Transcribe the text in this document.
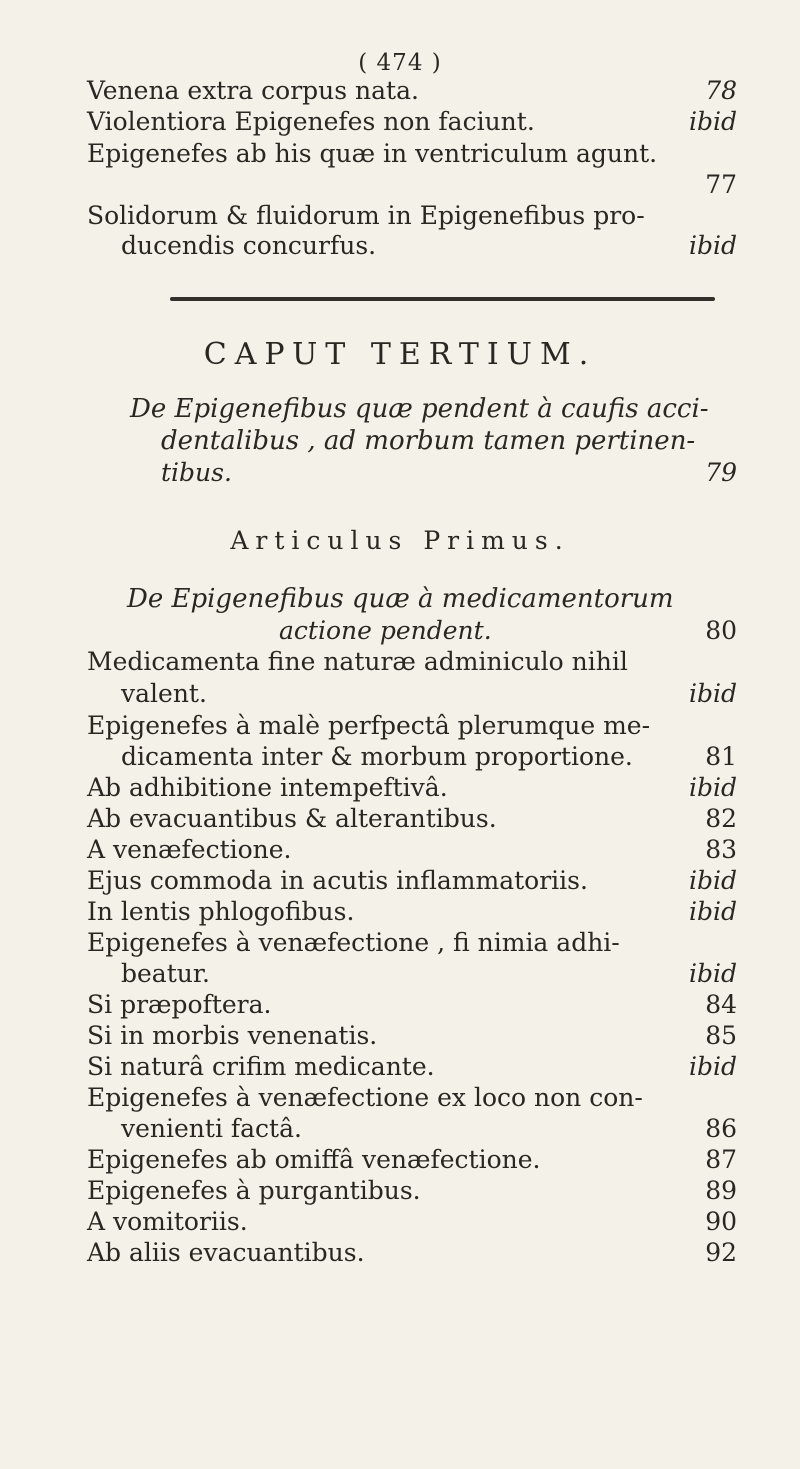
( 474 )
Venena extra corpus nata.	78
Violentiora Epigenefes non faciunt.	ibid
Epigenefes ab his quæ in ventriculum agunt.
77
Solidorum & fluidorum in Epigenefibus pro-
ducendis concurfus.	ibid
CAPUT TERTIUM.
De Epigenefibus quæ pendent à caufis acci-
dentalibus , ad morbum tamen pertinen-
tibus.	79
Articulus Primus.
De Epigenefibus quæ à medicamentorum
actione pendent.	80
Medicamenta fine naturæ adminiculo nihil
valent.	ibid
Epigenefes à malè perfpectâ plerumque me-
dicamenta inter & morbum proportione.	81
Ab adhibitione intempeftivâ.	ibid
Ab evacuantibus & alterantibus.	82
A venæfectione.	83
Ejus commoda in acutis inflammatoriis.	ibid
In lentis phlogofibus.	ibid
Epigenefes à venæfectione , fi nimia adhi-
beatur.	ibid
Si præpoftera.	84
Si in morbis venenatis.	85
Si naturâ crifim medicante.	ibid
Epigenefes à venæfectione ex loco non con-
venienti factâ.	86
Epigenefes ab omiffâ venæfectione.	87
Epigenefes à purgantibus.	89
A vomitoriis.	90
Ab aliis evacuantibus.	92
